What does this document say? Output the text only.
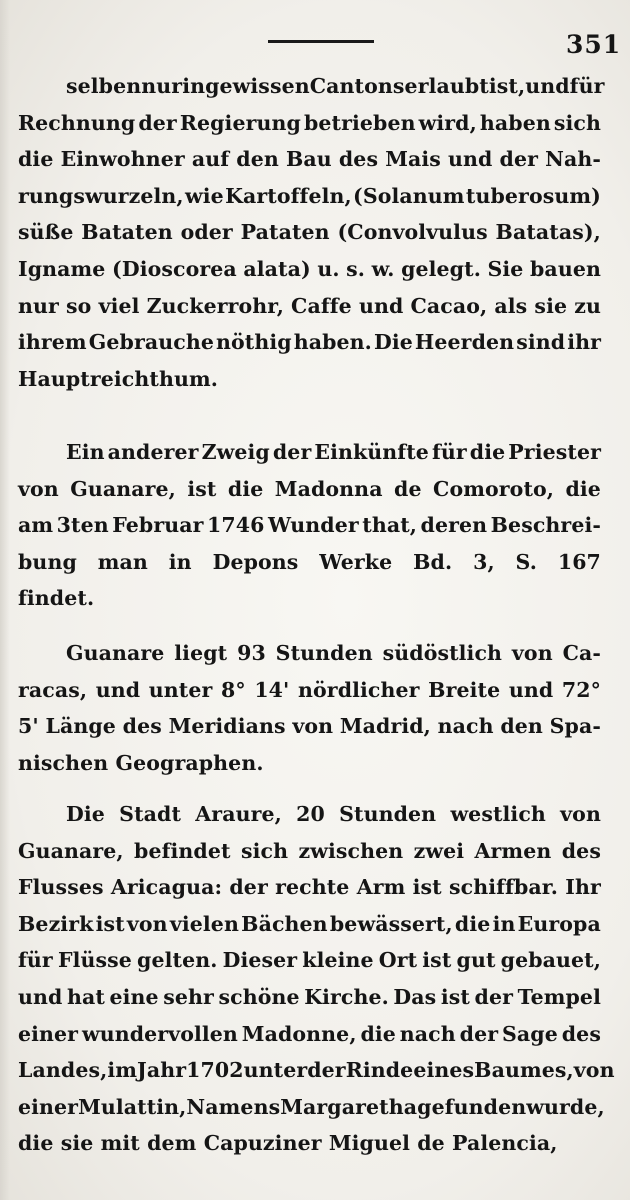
351
selben nur in gewissen Cantons erlaubt ist, und für
Rechnung der Regierung betrieben wird, haben sich
die Einwohner auf den Bau des Mais und der Nah-
rungswurzeln, wie Kartoffeln, (Solanum tuberosum)
süße Bataten oder Pataten (Convolvulus Batatas),
Igname (Dioscorea alata) u. s. w. gelegt. Sie bauen
nur so viel Zuckerrohr, Caffe und Cacao, als sie zu
ihrem Gebrauche nöthig haben. Die Heerden sind ihr
Hauptreichthum.
Ein anderer Zweig der Einkünfte für die Priester
von Guanare, ist die Madonna de Comoroto, die
am 3ten Februar 1746 Wunder that, deren Beschrei-
bung man in Depons Werke Bd. 3, S. 167
findet.
Guanare liegt 93 Stunden südöstlich von Ca-
racas, und unter 8° 14' nördlicher Breite und 72°
5' Länge des Meridians von Madrid, nach den Spa-
nischen Geographen.
Die Stadt Araure, 20 Stunden westlich von
Guanare, befindet sich zwischen zwei Armen des
Flusses Aricagua: der rechte Arm ist schiffbar. Ihr
Bezirk ist von vielen Bächen bewässert, die in Europa
für Flüsse gelten. Dieser kleine Ort ist gut gebauet,
und hat eine sehr schöne Kirche. Das ist der Tempel
einer wundervollen Madonne, die nach der Sage des
Landes, im Jahr 1702 unter der Rinde eines Baumes, von
einer Mulattin, Namens Margaretha gefunden wurde,
die sie mit dem Capuziner Miguel de Palencia,
